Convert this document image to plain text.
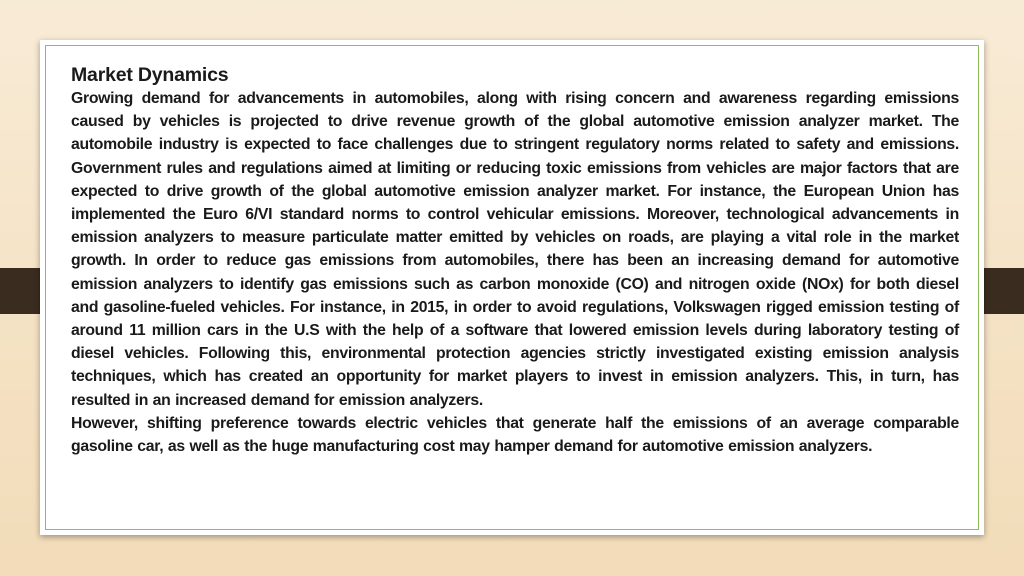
Market Dynamics

Growing demand for advancements in automobiles, along with rising concern and awareness regarding emissions caused by vehicles is projected to drive revenue growth of the global automotive emission analyzer market. The automobile industry is expected to face challenges due to stringent regulatory norms related to safety and emissions. Government rules and regulations aimed at limiting or reducing toxic emissions from vehicles are major factors that are expected to drive growth of the global automotive emission analyzer market. For instance, the European Union has implemented the Euro 6/VI standard norms to control vehicular emissions. Moreover, technological advancements in emission analyzers to measure particulate matter emitted by vehicles on roads, are playing a vital role in the market growth. In order to reduce gas emissions from automobiles, there has been an increasing demand for automotive emission analyzers to identify gas emissions such as carbon monoxide (CO) and nitrogen oxide (NOx) for both diesel and gasoline-fueled vehicles. For instance, in 2015, in order to avoid regulations, Volkswagen rigged emission testing of around 11 million cars in the U.S with the help of a software that lowered emission levels during laboratory testing of diesel vehicles. Following this, environmental protection agencies strictly investigated existing emission analysis techniques, which has created an opportunity for market players to invest in emission analyzers. This, in turn, has resulted in an increased demand for emission analyzers.

However, shifting preference towards electric vehicles that generate half the emissions of an average comparable gasoline car, as well as the huge manufacturing cost may hamper demand for automotive emission analyzers.
